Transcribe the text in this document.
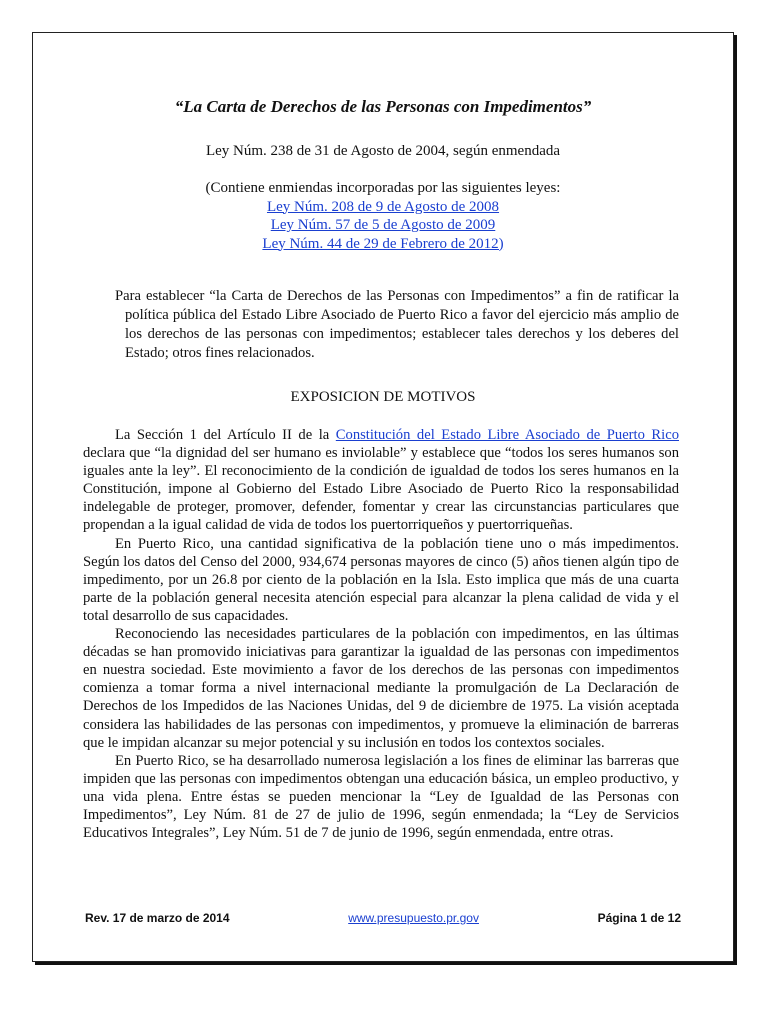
“La Carta de Derechos de las Personas con Impedimentos”
Ley Núm. 238 de 31 de Agosto de 2004, según enmendada
(Contiene enmiendas incorporadas por las siguientes leyes:
Ley Núm. 208 de 9 de Agosto de 2008
Ley Núm. 57 de 5 de Agosto de 2009
Ley Núm. 44 de 29 de Febrero de 2012)
Para establecer “la Carta de Derechos de las Personas con Impedimentos” a fin de ratificar la política pública del Estado Libre Asociado de Puerto Rico a favor del ejercicio más amplio de los derechos de las personas con impedimentos; establecer tales derechos y los deberes del Estado; otros fines relacionados.
EXPOSICION DE MOTIVOS

La Sección 1 del Artículo II de la Constitución del Estado Libre Asociado de Puerto Rico declara que “la dignidad del ser humano es inviolable” y establece que “todos los seres humanos son iguales ante la ley”. El reconocimiento de la condición de igualdad de todos los seres humanos en la Constitución, impone al Gobierno del Estado Libre Asociado de Puerto Rico la responsabilidad indelegable de proteger, promover, defender, fomentar y crear las circunstancias particulares que propendan a la igual calidad de vida de todos los puertorriqueños y puertorriqueñas.

En Puerto Rico, una cantidad significativa de la población tiene uno o más impedimentos. Según los datos del Censo del 2000, 934,674 personas mayores de cinco (5) años tienen algún tipo de impedimento, por un 26.8 por ciento de la población en la Isla. Esto implica que más de una cuarta parte de la población general necesita atención especial para alcanzar la plena calidad de vida y el total desarrollo de sus capacidades.

Reconociendo las necesidades particulares de la población con impedimentos, en las últimas décadas se han promovido iniciativas para garantizar la igualdad de las personas con impedimentos en nuestra sociedad. Este movimiento a favor de los derechos de las personas con impedimentos comienza a tomar forma a nivel internacional mediante la promulgación de La Declaración de Derechos de los Impedidos de las Naciones Unidas, del 9 de diciembre de 1975. La visión aceptada considera las habilidades de las personas con impedimentos, y promueve la eliminación de barreras que le impidan alcanzar su mejor potencial y su inclusión en todos los contextos sociales.

En Puerto Rico, se ha desarrollado numerosa legislación a los fines de eliminar las barreras que impiden que las personas con impedimentos obtengan una educación básica, un empleo productivo, y una vida plena. Entre éstas se pueden mencionar la “Ley de Igualdad de las Personas con Impedimentos”, Ley Núm. 81 de 27 de julio de 1996, según enmendada; la “Ley de Servicios Educativos Integrales”, Ley Núm. 51 de 7 de junio de 1996, según enmendada, entre otras.

Rev. 17 de marzo de 2014	www.presupuesto.pr.gov	Página 1 de 12
